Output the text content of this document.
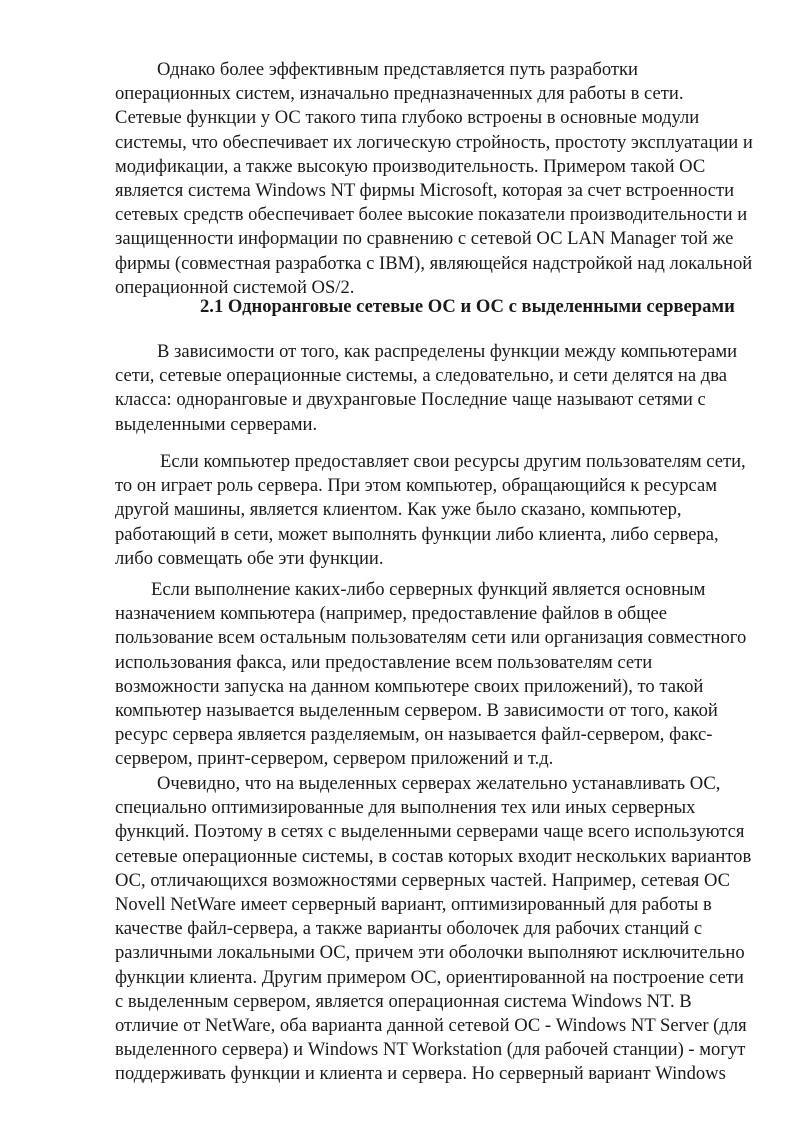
Однако более эффективным представляется путь разработки
операционных систем, изначально предназначенных для работы в сети.
Сетевые функции у ОС такого типа глубоко встроены в основные модули
системы, что обеспечивает их логическую стройность, простоту эксплуатации и
модификации, а также высокую производительность. Примером такой ОС
является система Windows NT фирмы Microsoft, которая за счет встроенности
сетевых средств обеспечивает более высокие показатели производительности и
защищенности информации по сравнению с сетевой ОС LAN Manager той же
фирмы (совместная разработка с IBM), являющейся надстройкой над локальной
операционной системой OS/2.

2.1 Одноранговые сетевые ОС и ОС с выделенными серверами

В зависимости от того, как распределены функции между компьютерами
сети, сетевые операционные системы, а следовательно, и сети делятся на два
класса: одноранговые и двухранговые Последние чаще называют сетями с
выделенными серверами.

Если компьютер предоставляет свои ресурсы другим пользователям сети,
то он играет роль сервера. При этом компьютер, обращающийся к ресурсам
другой машины, является клиентом. Как уже было сказано, компьютер,
работающий в сети, может выполнять функции либо клиента, либо сервера,
либо совмещать обе эти функции.

Если выполнение каких-либо серверных функций является основным
назначением компьютера (например, предоставление файлов в общее
пользование всем остальным пользователям сети или организация совместного
использования факса, или предоставление всем пользователям сети
возможности запуска на данном компьютере своих приложений), то такой
компьютер называется выделенным сервером. В зависимости от того, какой
ресурс сервера является разделяемым, он называется файл-сервером, факс-
сервером, принт-сервером, сервером приложений и т.д.

Очевидно, что на выделенных серверах желательно устанавливать ОС,
специально оптимизированные для выполнения тех или иных серверных
функций. Поэтому в сетях с выделенными серверами чаще всего используются
сетевые операционные системы, в состав которых входит нескольких вариантов
ОС, отличающихся возможностями серверных частей. Например, сетевая ОС
Novell NetWare имеет серверный вариант, оптимизированный для работы в
качестве файл-сервера, а также варианты оболочек для рабочих станций с
различными локальными ОС, причем эти оболочки выполняют исключительно
функции клиента. Другим примером ОС, ориентированной на построение сети
с выделенным сервером, является операционная система Windows NT. В
отличие от NetWare, оба варианта данной сетевой ОС - Windows NT Server (для
выделенного сервера) и Windows NT Workstation (для рабочей станции) - могут
поддерживать функции и клиента и сервера. Но серверный вариант Windows
